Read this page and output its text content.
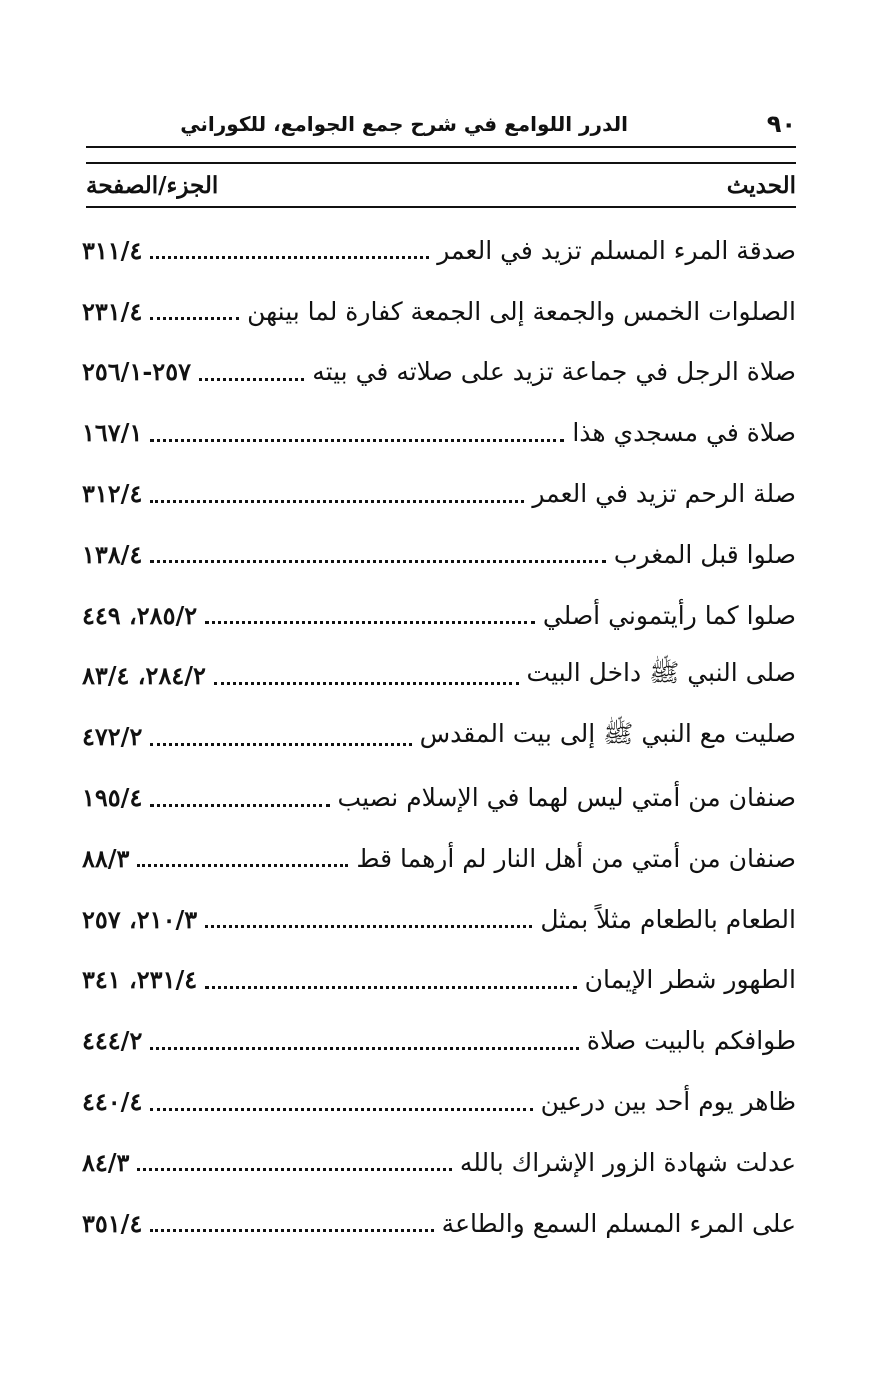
٩٠
الدرر اللوامع في شرح جمع الجوامع، للكوراني
الحديث
الجزء/الصفحة
صدقة المرء المسلم تزيد في العمر
٣١١/٤
الصلوات الخمس والجمعة إلى الجمعة كفارة لما بينهن
٢٣١/٤
صلاة الرجل في جماعة تزيد على صلاته في بيته
٢٥٧-٢٥٦/١
صلاة في مسجدي هذا
١٦٧/١
صلة الرحم تزيد في العمر
٣١٢/٤
صلوا قبل المغرب
١٣٨/٤
صلوا كما رأيتموني أصلي
٢٨٥/٢، ٤٤٩
صلى النبي ﷺ داخل البيت
٢٨٤/٢، ٨٣/٤
صليت مع النبي ﷺ إلى بيت المقدس
٤٧٢/٢
صنفان من أمتي ليس لهما في الإسلام نصيب
١٩٥/٤
صنفان من أمتي من أهل النار لم أرهما قط
٨٨/٣
الطعام بالطعام مثلاً بمثل
٢١٠/٣، ٢٥٧
الطهور شطر الإيمان
٢٣١/٤، ٣٤١
طوافكم بالبيت صلاة
٤٤٤/٢
ظاهر يوم أحد بين درعين
٤٤٠/٤
عدلت شهادة الزور الإشراك بالله
٨٤/٣
على المرء المسلم السمع والطاعة
٣٥١/٤
